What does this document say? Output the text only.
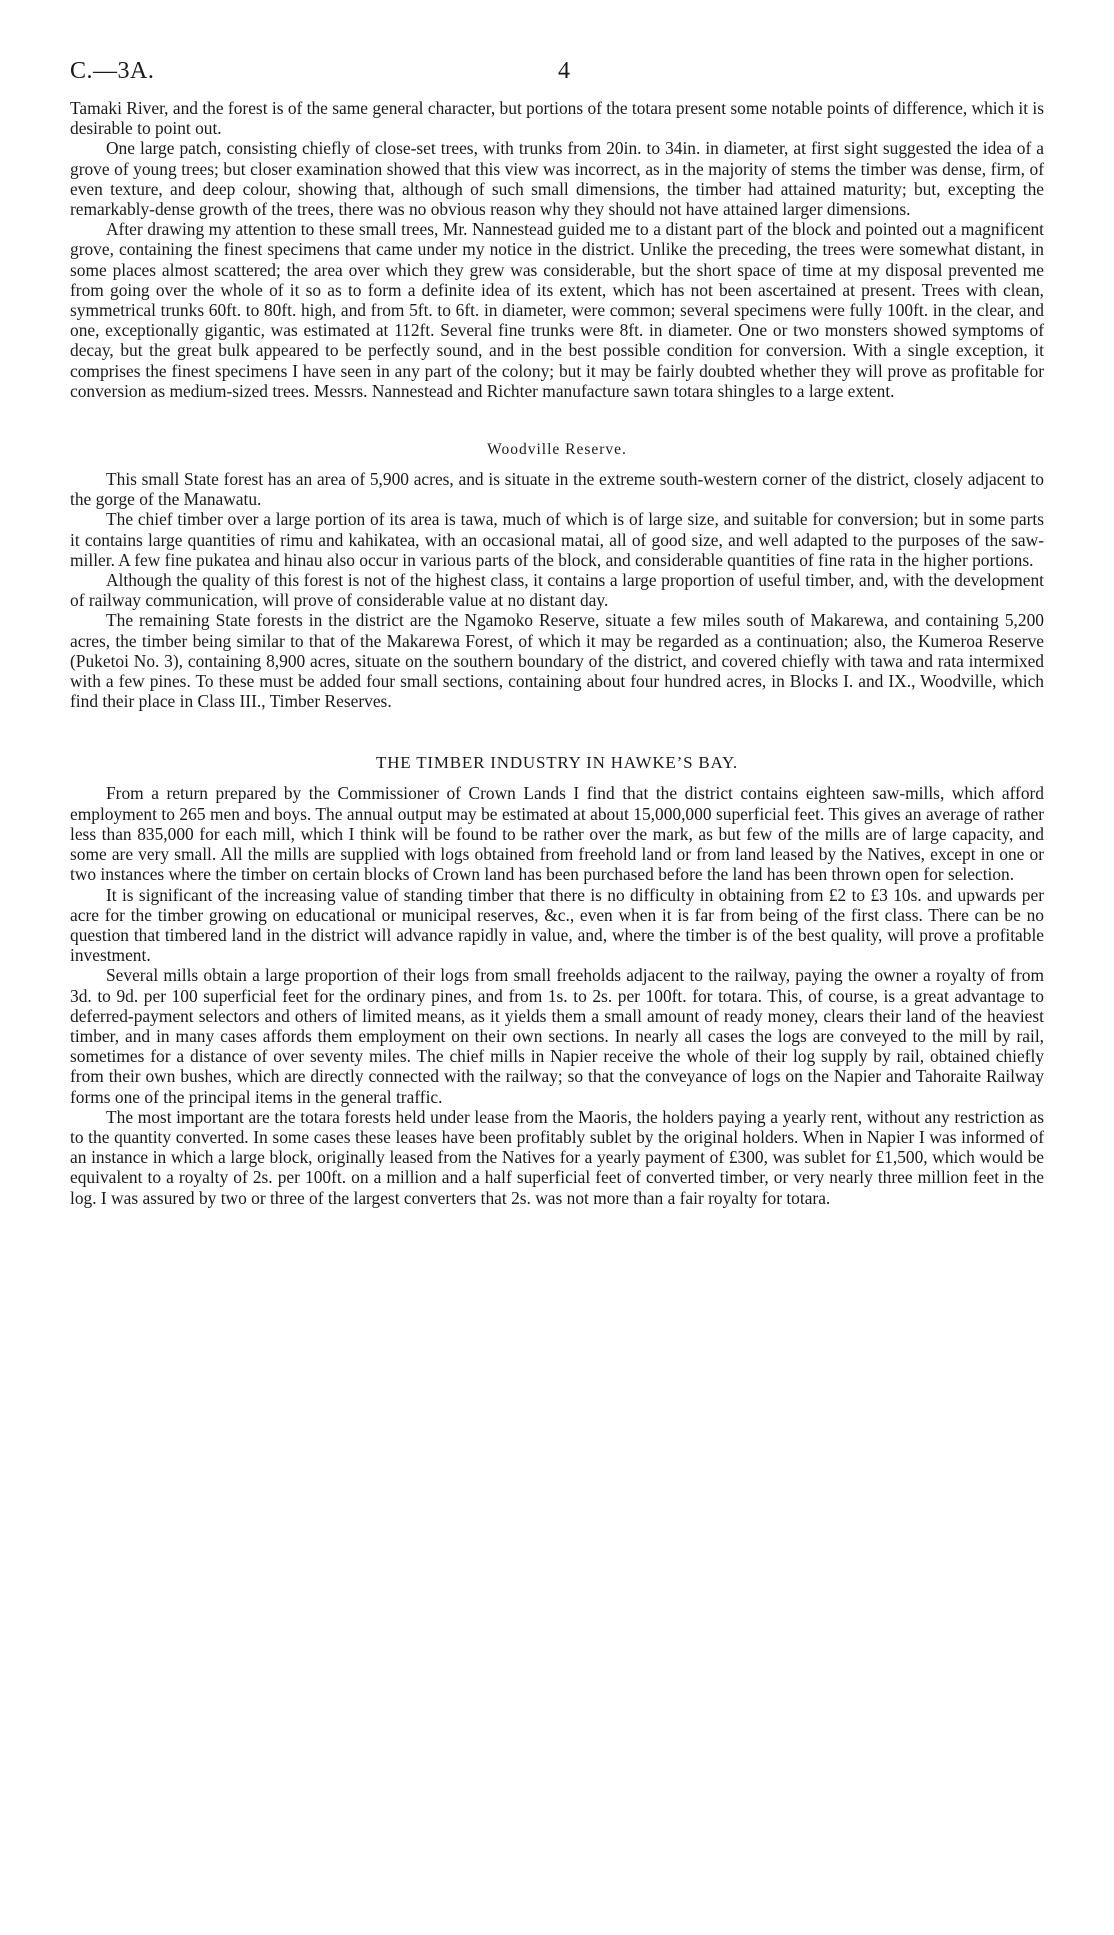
C.—3A.	4

Tamaki River, and the forest is of the same general character, but portions of the totara present some notable points of difference, which it is desirable to point out.

One large patch, consisting chiefly of close-set trees, with trunks from 20in. to 34in. in diameter, at first sight suggested the idea of a grove of young trees; but closer examination showed that this view was incorrect, as in the majority of stems the timber was dense, firm, of even texture, and deep colour, showing that, although of such small dimensions, the timber had attained maturity; but, excepting the remarkably-dense growth of the trees, there was no obvious reason why they should not have attained larger dimensions.

After drawing my attention to these small trees, Mr. Nannestead guided me to a distant part of the block and pointed out a magnificent grove, containing the finest specimens that came under my notice in the district. Unlike the preceding, the trees were somewhat distant, in some places almost scattered; the area over which they grew was considerable, but the short space of time at my disposal prevented me from going over the whole of it so as to form a definite idea of its extent, which has not been ascertained at present. Trees with clean, symmetrical trunks 60ft. to 80ft. high, and from 5ft. to 6ft. in diameter, were common; several specimens were fully 100ft. in the clear, and one, exceptionally gigantic, was estimated at 112ft. Several fine trunks were 8ft. in diameter. One or two monsters showed symptoms of decay, but the great bulk appeared to be perfectly sound, and in the best possible condition for conversion. With a single exception, it comprises the finest specimens I have seen in any part of the colony; but it may be fairly doubted whether they will prove as profitable for conversion as medium-sized trees. Messrs. Nannestead and Richter manufacture sawn totara shingles to a large extent.

Woodville Reserve.

This small State forest has an area of 5,900 acres, and is situate in the extreme south-western corner of the district, closely adjacent to the gorge of the Manawatu.

The chief timber over a large portion of its area is tawa, much of which is of large size, and suitable for conversion; but in some parts it contains large quantities of rimu and kahikatea, with an occasional matai, all of good size, and well adapted to the purposes of the saw-miller. A few fine pukatea and hinau also occur in various parts of the block, and considerable quantities of fine rata in the higher portions.

Although the quality of this forest is not of the highest class, it contains a large proportion of useful timber, and, with the development of railway communication, will prove of considerable value at no distant day.

The remaining State forests in the district are the Ngamoko Reserve, situate a few miles south of Makarewa, and containing 5,200 acres, the timber being similar to that of the Makarewa Forest, of which it may be regarded as a continuation; also, the Kumeroa Reserve (Puketoi No. 3), containing 8,900 acres, situate on the southern boundary of the district, and covered chiefly with tawa and rata intermixed with a few pines. To these must be added four small sections, containing about four hundred acres, in Blocks I. and IX., Woodville, which find their place in Class III., Timber Reserves.

THE TIMBER INDUSTRY IN HAWKE’S BAY.

From a return prepared by the Commissioner of Crown Lands I find that the district contains eighteen saw-mills, which afford employment to 265 men and boys. The annual output may be estimated at about 15,000,000 superficial feet. This gives an average of rather less than 835,000 for each mill, which I think will be found to be rather over the mark, as but few of the mills are of large capacity, and some are very small. All the mills are supplied with logs obtained from freehold land or from land leased by the Natives, except in one or two instances where the timber on certain blocks of Crown land has been purchased before the land has been thrown open for selection.

It is significant of the increasing value of standing timber that there is no difficulty in obtaining from £2 to £3 10s. and upwards per acre for the timber growing on educational or municipal reserves, &c., even when it is far from being of the first class. There can be no question that timbered land in the district will advance rapidly in value, and, where the timber is of the best quality, will prove a profitable investment.

Several mills obtain a large proportion of their logs from small freeholds adjacent to the railway, paying the owner a royalty of from 3d. to 9d. per 100 superficial feet for the ordinary pines, and from 1s. to 2s. per 100ft. for totara. This, of course, is a great advantage to deferred-payment selectors and others of limited means, as it yields them a small amount of ready money, clears their land of the heaviest timber, and in many cases affords them employment on their own sections. In nearly all cases the logs are conveyed to the mill by rail, sometimes for a distance of over seventy miles. The chief mills in Napier receive the whole of their log supply by rail, obtained chiefly from their own bushes, which are directly connected with the railway; so that the conveyance of logs on the Napier and Tahoraite Railway forms one of the principal items in the general traffic.

The most important are the totara forests held under lease from the Maoris, the holders paying a yearly rent, without any restriction as to the quantity converted. In some cases these leases have been profitably sublet by the original holders. When in Napier I was informed of an instance in which a large block, originally leased from the Natives for a yearly payment of £300, was sublet for £1,500, which would be equivalent to a royalty of 2s. per 100ft. on a million and a half superficial feet of converted timber, or very nearly three million feet in the log. I was assured by two or three of the largest converters that 2s. was not more than a fair royalty for totara.
